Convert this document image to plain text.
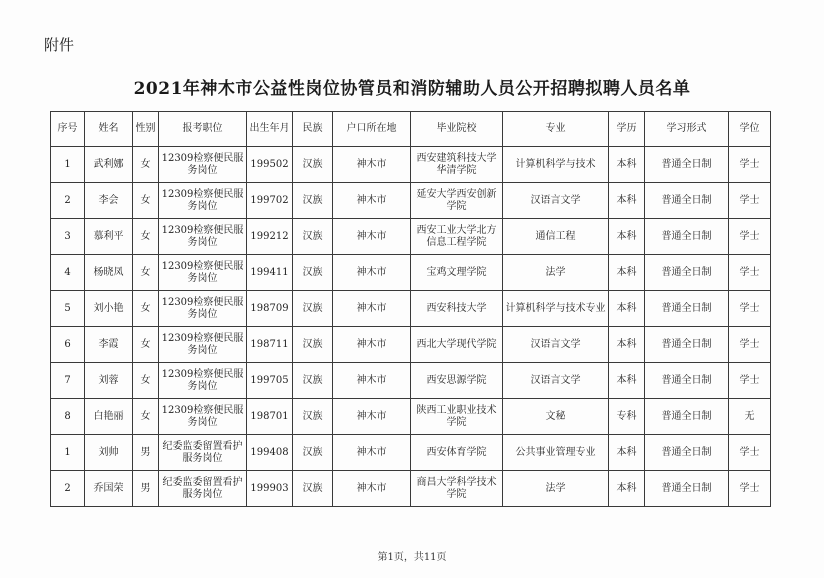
附件
2021年神木市公益性岗位协管员和消防辅助人员公开招聘拟聘人员名单
序号	姓名	性别	报考职位	出生年月	民族	户口所在地	毕业院校	专业	学历	学习形式	学位
1	武利娜	女	12309检察便民服务岗位	199502	汉族	神木市	西安建筑科技大学华清学院	计算机科学与技术	本科	普通全日制	学士
2	李会	女	12309检察便民服务岗位	199702	汉族	神木市	延安大学西安创新学院	汉语言文学	本科	普通全日制	学士
3	慕利平	女	12309检察便民服务岗位	199212	汉族	神木市	西安工业大学北方信息工程学院	通信工程	本科	普通全日制	学士
4	杨晓凤	女	12309检察便民服务岗位	199411	汉族	神木市	宝鸡文理学院	法学	本科	普通全日制	学士
5	刘小艳	女	12309检察便民服务岗位	198709	汉族	神木市	西安科技大学	计算机科学与技术专业	本科	普通全日制	学士
6	李霞	女	12309检察便民服务岗位	198711	汉族	神木市	西北大学现代学院	汉语言文学	本科	普通全日制	学士
7	刘蓉	女	12309检察便民服务岗位	199705	汉族	神木市	西安思源学院	汉语言文学	本科	普通全日制	学士
8	白艳丽	女	12309检察便民服务岗位	198701	汉族	神木市	陕西工业职业技术学院	文秘	专科	普通全日制	无
1	刘帅	男	纪委监委留置看护服务岗位	199408	汉族	神木市	西安体育学院	公共事业管理专业	本科	普通全日制	学士
2	乔国荣	男	纪委监委留置看护服务岗位	199903	汉族	神木市	商昌大学科学技术学院	法学	本科	普通全日制	学士
第1页，共11页
